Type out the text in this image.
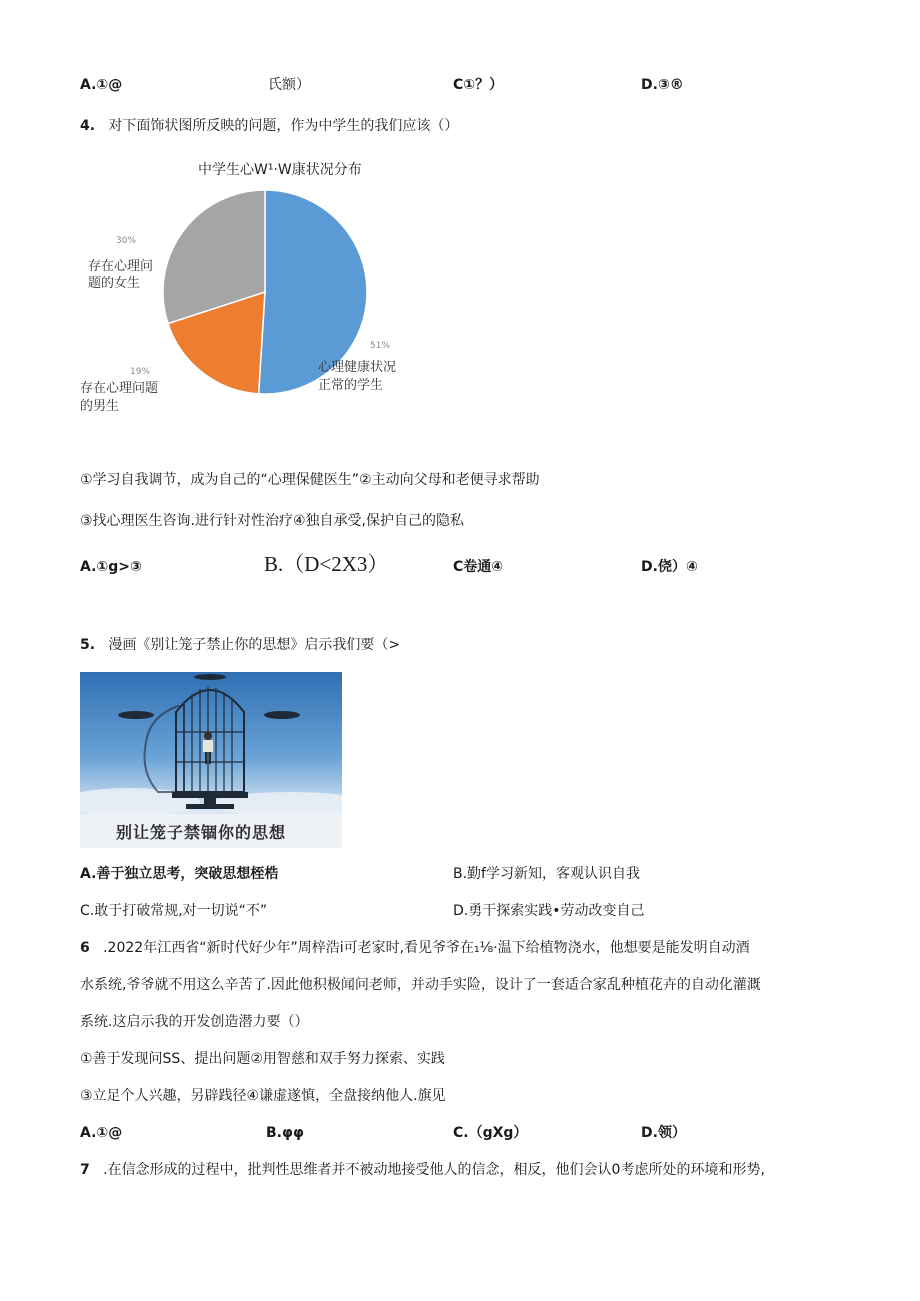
A.①@	氏额）	C①？）	D.③®
4. 对下面饰状图所反映的问题，作为中学生的我们应该（）
中学生心W¹·W康状况分布
30%
存在心理问
题的女生
19%
存在心理问题
的男生
51%
心理健康状况
正常的学生
①学习自我调节，成为自己的“心理保健医生”②主动向父母和老便寻求帮助
③找心理医生咨询.进行针对性治疗④独自承受,保护自己的隐私
A.①g>③	B.（D<2X3）	C卷通④	D.侥）④
5. 漫画《别让笼子禁止你的思想》启示我们要（>
别让笼子禁锢你的思想
A.善于独立思考，突破思想桎梏	B.勤f学习新知，客观认识自我
C.敢于打破常规,对一切说“不”	D.勇干探索实践•劳动改变自己
6 .2022年江西省“新时代好少年”周梓浩i可老家时,看见爷爷在₁⅛·温下给植物浇水，他想要是能发明自动酒
水系统,爷爷就不用这么辛苦了.因此他积极闻问老师，并动手实险，设计了一套适合家乱种植花卉的自动化灌溉
系统.这启示我的开发创造潜力要（）
①善于发现问SS、提出问题②用智慈和双手努力探索、实践
③立足个人兴趣，另辟践径④谦虚遂慎，全盘接纳他人.旗见
A.①@	B.φφ	C.（gXg）	D.领）
7 .在信念形成的过程中，批判性思维者并不被动地接受他人的信念，相反，他们会认0考虑所处的环境和形势,
